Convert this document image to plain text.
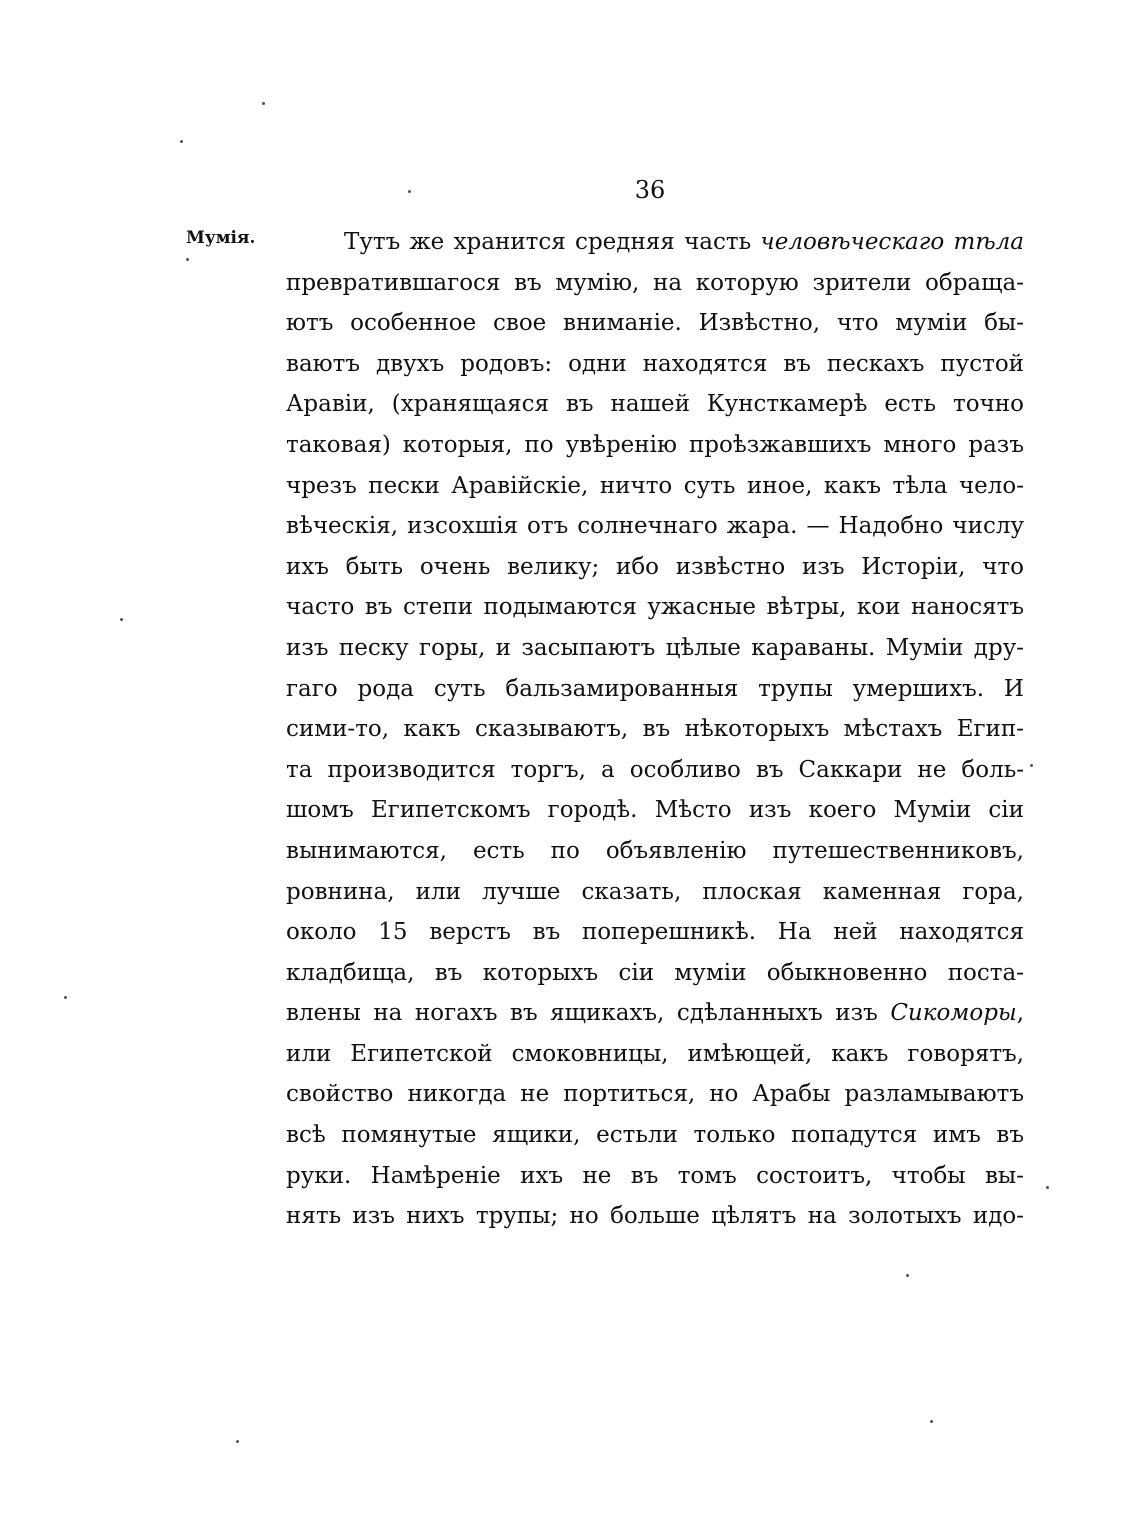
36
Мумія.	Тутъ же хранится средняя часть человѣческаго тѣла
превратившагося въ мумію, на которую зрители обраща-
ютъ особенное свое вниманіе. Извѣстно, что муміи бы-
ваютъ двухъ родовъ: одни находятся въ пескахъ пустой
Аравіи, (хранящаяся въ нашей Кунсткамерѣ есть точно
таковая) которыя, по увѣренію проѣзжавшихъ много разъ
чрезъ пески Аравійскіе, ничто суть иное, какъ тѣла чело-
вѣческія, изсохшія отъ солнечнаго жара. — Надобно числу
ихъ быть очень велику; ибо извѣстно изъ Исторіи, что
часто въ степи подымаются ужасные вѣтры, кои наносятъ
изъ песку горы, и засыпаютъ цѣлые караваны. Муміи дру-
гаго рода суть бальзамированныя трупы умершихъ. И
сими-то, какъ сказываютъ, въ нѣкоторыхъ мѣстахъ Егип-
та производится торгъ, а особливо въ Саккари не боль-
шомъ Египетскомъ городѣ. Мѣсто изъ коего Муміи сіи
вынимаются, есть по объявленію путешественниковъ,
ровнина, или лучше сказать, плоская каменная гора,
около 15 верстъ въ поперешникѣ. На ней находятся
кладбища, въ которыхъ сіи муміи обыкновенно поста-
влены на ногахъ въ ящикахъ, сдѣланныхъ изъ Сикоморы,
или Египетской смоковницы, имѣющей, какъ говорятъ,
свойство никогда не портиться, но Арабы разламываютъ
всѣ помянутые ящики, естьли только попадутся имъ въ
руки. Намѣреніе ихъ не въ томъ состоитъ, чтобы вы-
нять изъ нихъ трупы; но больше цѣлятъ на золотыхъ идо-
